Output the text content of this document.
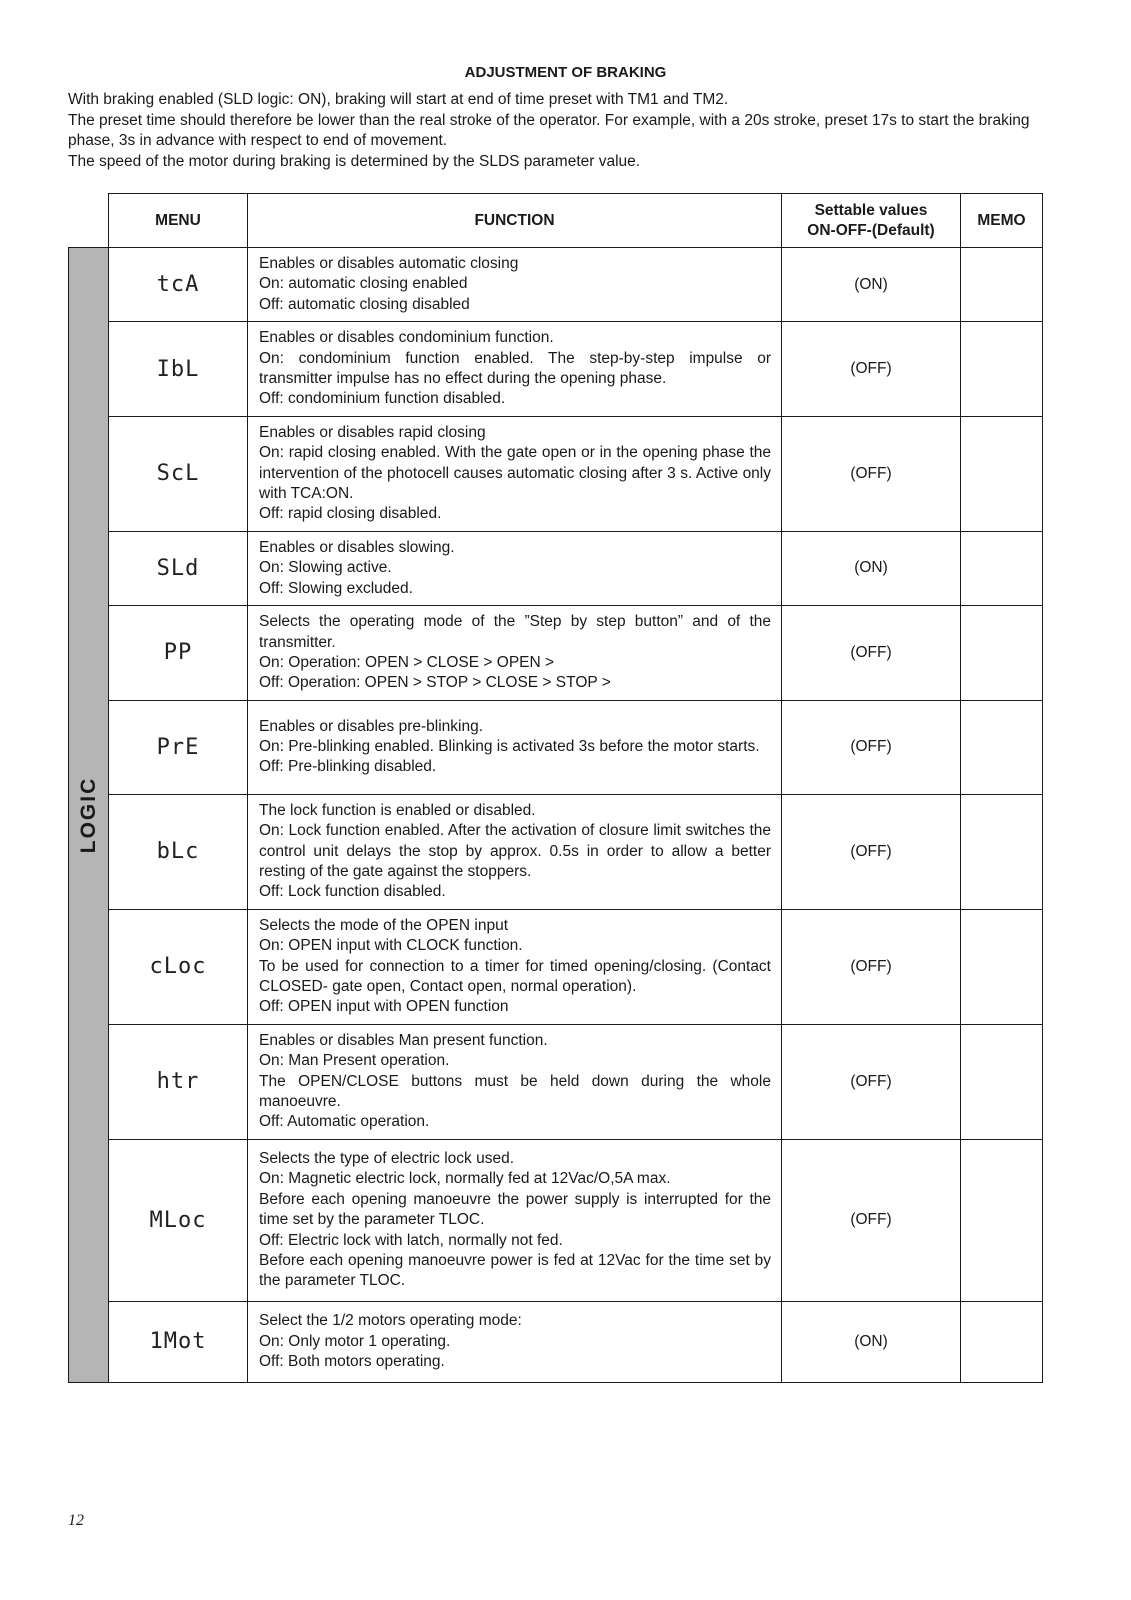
ADJUSTMENT OF BRAKING

With braking enabled (SLD logic: ON), braking will start at end of time preset with TM1 and TM2.

The preset time should therefore be lower than the real stroke of the operator. For example, with a 20s stroke, preset 17s to start the braking phase, 3s in advance with respect to end of movement.

The speed of the motor during braking is determined by the SLDS parameter value.

	MENU	FUNCTION	Settable values
ON-OFF-(Default)	MEMO

LOGIC	tcA	Enables or disables automatic closing
On: automatic closing enabled
Off: automatic closing disabled	(ON)	
	IbL	Enables or disables condominium function.
On: condominium function enabled. The step-by-step impulse or transmitter impulse has no effect during the opening phase.
Off: condominium function disabled.	(OFF)	
	ScL	Enables or disables rapid closing
On: rapid closing enabled. With the gate open or in the opening phase the intervention of the photocell causes automatic closing after 3 s. Active only with TCA:ON.
Off: rapid closing disabled.	(OFF)	
	SLd	Enables or disables slowing.
On: Slowing active.
Off: Slowing excluded.	(ON)	
	PP	Selects the operating mode of the ”Step by step button” and of the transmitter.
On: Operation: OPEN > CLOSE > OPEN >
Off: Operation: OPEN > STOP > CLOSE > STOP >	(OFF)	
	PrE	Enables or disables pre-blinking.
On: Pre-blinking enabled. Blinking is activated 3s before the motor starts.
Off: Pre-blinking disabled.	(OFF)	
	bLc	The lock function is enabled or disabled.
On: Lock function enabled. After the activation of closure limit switches the control unit delays the stop by approx. 0.5s in order to allow a better resting of the gate against the stoppers.
Off: Lock function disabled.	(OFF)	
	cLoc	Selects the mode of the OPEN input
On: OPEN input with CLOCK function.
To be used for connection to a timer for timed opening/closing. (Contact CLOSED- gate open, Contact open, normal operation).
Off: OPEN input with OPEN function	(OFF)	
	htr	Enables or disables Man present function.
On: Man Present operation.
The OPEN/CLOSE buttons must be held down during the whole manoeuvre.
Off: Automatic operation.	(OFF)	
	MLoc	Selects the type of electric lock used.
On: Magnetic electric lock, normally fed at 12Vac/O,5A max.
Before each opening manoeuvre the power supply is interrupted for the time set by the parameter TLOC.
Off: Electric lock with latch, normally not fed.
Before each opening manoeuvre power is fed at 12Vac for the time set by the parameter TLOC.	(OFF)	
	1Mot	Select the 1/2 motors operating mode:
On: Only motor 1 operating.
Off: Both motors operating.	(ON)	
12
